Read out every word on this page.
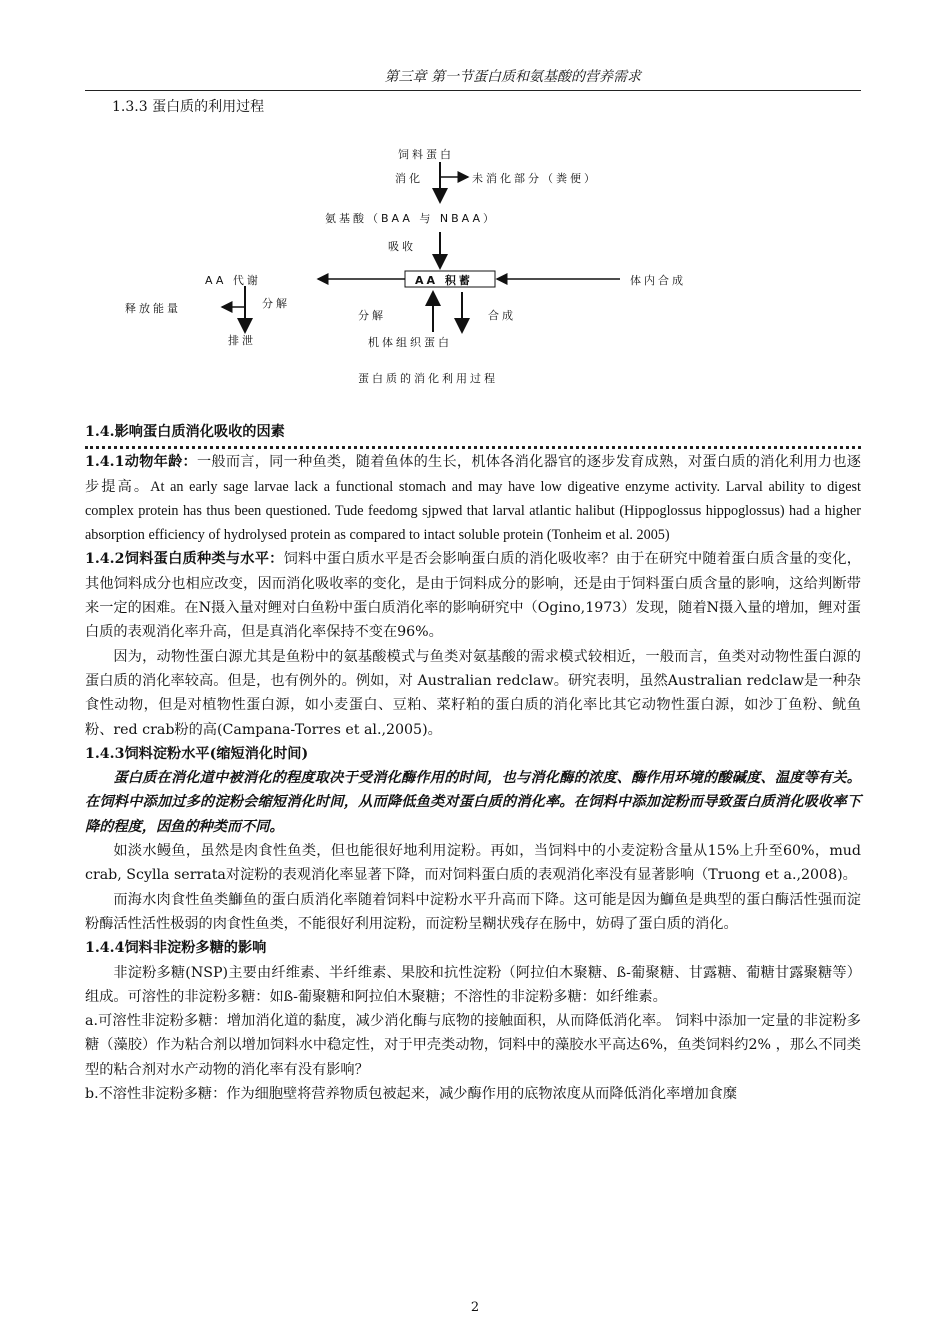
第三章 第一节蛋白质和氨基酸的营养需求
1.3.3 蛋白质的利用过程
饲料蛋白
消化	未消化部分（粪便）
氨基酸（BAA 与 NBAA）
吸收
AA 积蓄
AA 代谢	体内合成
释放能量	分解
排泄
分解	合成
机体组织蛋白
蛋白质的消化利用过程

1.4.影响蛋白质消化吸收的因素

1.4.1动物年龄：一般而言，同一种鱼类，随着鱼体的生长，机体各消化器官的逐步发育成熟，对蛋白质的消化利用力也逐步提高。At an early sage larvae lack a functional stomach and may have low digeative enzyme activity. Larval ability to digest complex protein has thus been questioned. Tude feedomg sjpwed that larval atlantic halibut (Hippoglossus hippoglossus) had a higher absorption efficiency of hydrolysed protein as compared to intact soluble protein (Tonheim et al. 2005)

1.4.2饲料蛋白质种类与水平：饲料中蛋白质水平是否会影响蛋白质的消化吸收率？由于在研究中随着蛋白质含量的变化，其他饲料成分也相应改变，因而消化吸收率的变化，是由于饲料成分的影响，还是由于饲料蛋白质含量的影响，这给判断带来一定的困难。在N摄入量对鲤对白鱼粉中蛋白质消化率的影响研究中（Ogino,1973）发现，随着N摄入量的增加，鲤对蛋白质的表观消化率升高，但是真消化率保持不变在96%。

因为，动物性蛋白源尤其是鱼粉中的氨基酸模式与鱼类对氨基酸的需求模式较相近，一般而言，鱼类对动物性蛋白源的蛋白质的消化率较高。但是，也有例外的。例如，对 Australian redclaw。研究表明，虽然Australian redclaw是一种杂食性动物，但是对植物性蛋白源，如小麦蛋白、豆粕、菜籽粕的蛋白质的消化率比其它动物性蛋白源，如沙丁鱼粉、鱿鱼粉、red crab粉的高(Campana-Torres et al.,2005)。

1.4.3饲料淀粉水平(缩短消化时间)

蛋白质在消化道中被消化的程度取决于受消化酶作用的时间，也与消化酶的浓度、酶作用环境的酸碱度、温度等有关。在饲料中添加过多的淀粉会缩短消化时间，从而降低鱼类对蛋白质的消化率。在饲料中添加淀粉而导致蛋白质消化吸收率下降的程度，因鱼的种类而不同。

如淡水鳗鱼，虽然是肉食性鱼类，但也能很好地利用淀粉。再如，当饲料中的小麦淀粉含量从15%上升至60%，mud crab, Scylla serrata对淀粉的表观消化率显著下降，而对饲料蛋白质的表观消化率没有显著影响（Truong et a.,2008)。

而海水肉食性鱼类鰤鱼的蛋白质消化率随着饲料中淀粉水平升高而下降。这可能是因为鰤鱼是典型的蛋白酶活性强而淀粉酶活性活性极弱的肉食性鱼类，不能很好利用淀粉，而淀粉呈糊状残存在肠中，妨碍了蛋白质的消化。

1.4.4饲料非淀粉多糖的影响

非淀粉多糖(NSP)主要由纤维素、半纤维素、果胶和抗性淀粉（阿拉伯木聚糖、ß-葡聚糖、甘露糖、葡糖甘露聚糖等）组成。可溶性的非淀粉多糖：如ß-葡聚糖和阿拉伯木聚糖；不溶性的非淀粉多糖：如纤维素。

a.可溶性非淀粉多糖：增加消化道的黏度，减少消化酶与底物的接触面积，从而降低消化率。 饲料中添加一定量的非淀粉多糖（藻胶）作为粘合剂以增加饲料水中稳定性，对于甲壳类动物，饲料中的藻胶水平高达6%，鱼类饲料约2% ，那么不同类型的粘合剂对水产动物的消化率有没有影响？

b.不溶性非淀粉多糖：作为细胞壁将营养物质包被起来，减少酶作用的底物浓度从而降低消化率增加食糜

2
